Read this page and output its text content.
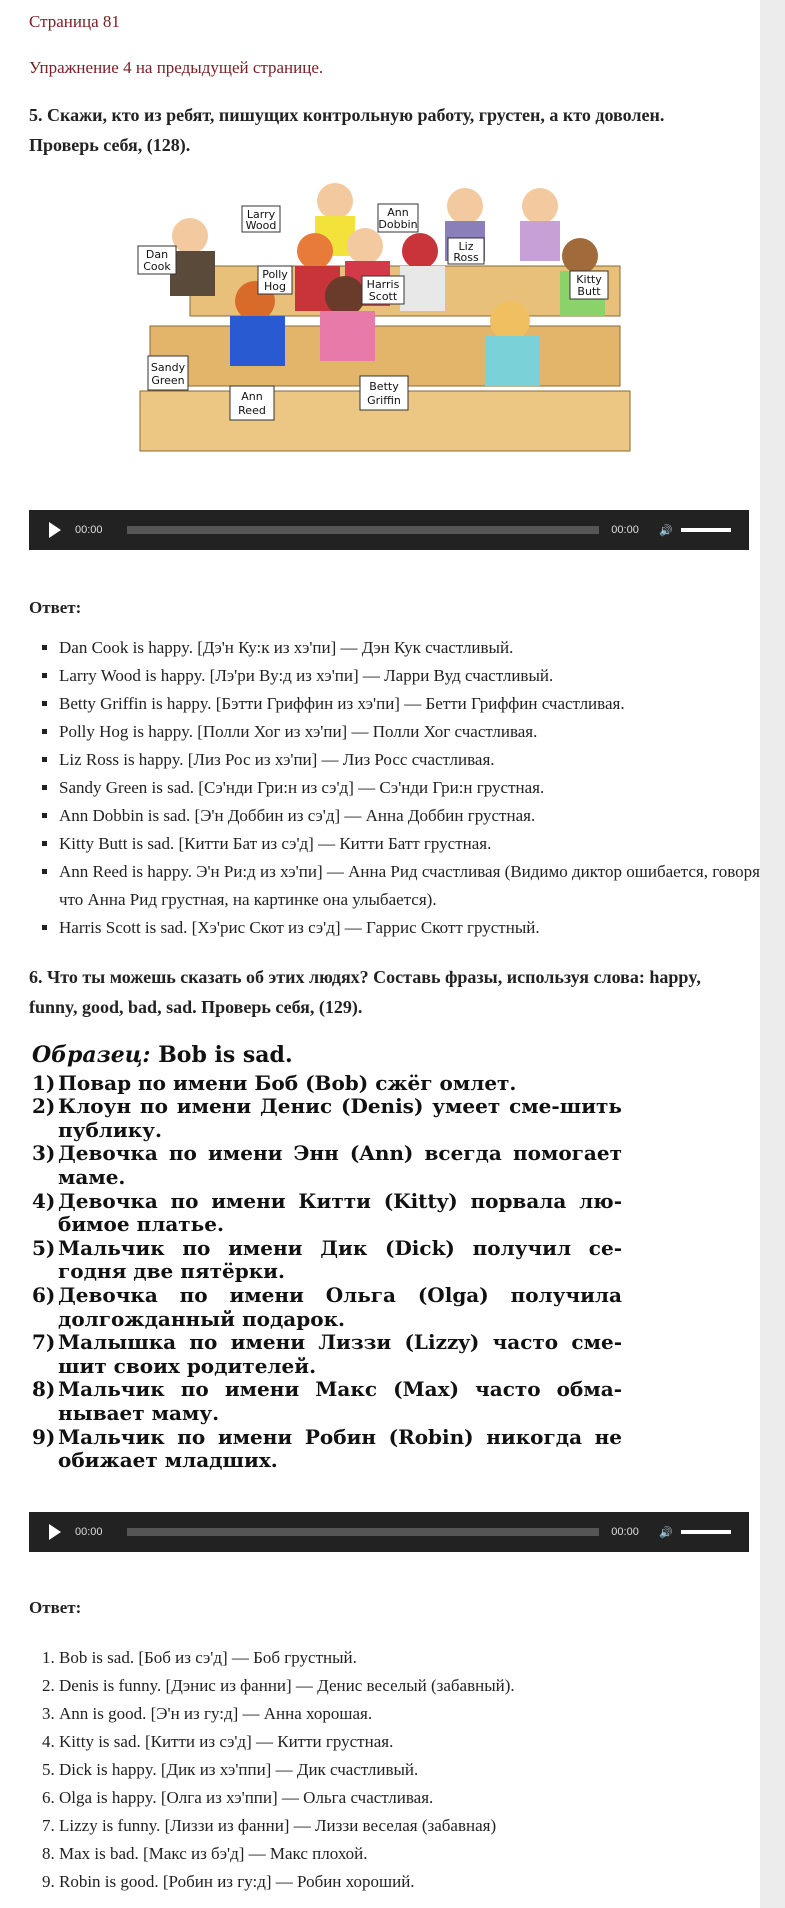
Страница 81
Упражнение 4 на предыдущей странице.
5. Скажи, кто из ребят, пишущих контрольную работу, грустен, а кто доволен. Проверь себя, (128).
Larry
Wood
Ann
Dobbin
Liz
Ross
Dan
Cook
Polly
Hog	Harris
Scott
Kitty
Butt
Sandy
Green
Ann
Reed
Betty
Griffin
00:00	00:00	🔊
Ответ:
▪ Dan Cook is happy. [Дэ'н Ку:к из хэ'пи] — Дэн Кук счастливый.
▪ Larry Wood is happy. [Лэ'ри Ву:д из хэ'пи] — Ларри Вуд счастливый.
▪ Betty Griffin is happy. [Бэтти Гриффин из хэ'пи] — Бетти Гриффин счастливая.
▪ Polly Hog is happy. [Полли Хог из хэ'пи] — Полли Хог счастливая.
▪ Liz Ross is happy. [Лиз Рос из хэ'пи] — Лиз Росс счастливая.
▪ Sandy Green is sad. [Сэ'нди Гри:н из сэ'д] — Сэ'нди Гри:н грустная.
▪ Ann Dobbin is sad. [Э'н Доббин из сэ'д] — Анна Доббин грустная.
▪ Kitty Butt is sad. [Китти Бат из сэ'д] — Китти Батт грустная.
▪ Ann Reed is happy. Э'н Ри:д из хэ'пи] — Анна Рид счастливая (Видимо диктор ошибается, говоря что Анна Рид грустная, на картинке она улыбается).
▪ Harris Scott is sad. [Хэ'рис Скот из сэ'д] — Гаррис Скотт грустный.
6. Что ты можешь сказать об этих людях? Составь фразы, используя слова: happy, funny, good, bad, sad. Проверь себя, (129).
Образец: Bob is sad.
1) Повар по имени Боб (Bob) сжёг омлет.
2) Клоун по имени Денис (Denis) умеет сме-шить публику.
3) Девочка по имени Энн (Ann) всегда помогает маме.
4) Девочка по имени Китти (Kitty) порвала лю-бимое платье.
5) Мальчик по имени Дик (Dick) получил се-годня две пятёрки.
6) Девочка по имени Ольга (Olga) получила долгожданный подарок.
7) Малышка по имени Лиззи (Lizzy) часто сме-шит своих родителей.
8) Мальчик по имени Макс (Max) часто обма-нывает маму.
9) Мальчик по имени Робин (Robin) никогда не обижает младших.
00:00	00:00	🔊
Ответ:
1. Bob is sad. [Боб из сэ'д] — Боб грустный.
2. Denis is funny. [Дэнис из фанни] — Денис веселый (забавный).
3. Ann is good. [Э'н из гу:д] — Анна хорошая.
4. Kitty is sad. [Китти из сэ'д] — Китти грустная.
5. Dick is happy. [Дик из хэ'ппи] — Дик счастливый.
6. Olga is happy. [Олга из хэ'ппи] — Ольга счастливая.
7. Lizzy is funny. [Лиззи из фанни] — Лиззи веселая (забавная)
8. Max is bad. [Макс из бэ'д] — Макс плохой.
9. Robin is good. [Робин из гу:д] — Робин хороший.
